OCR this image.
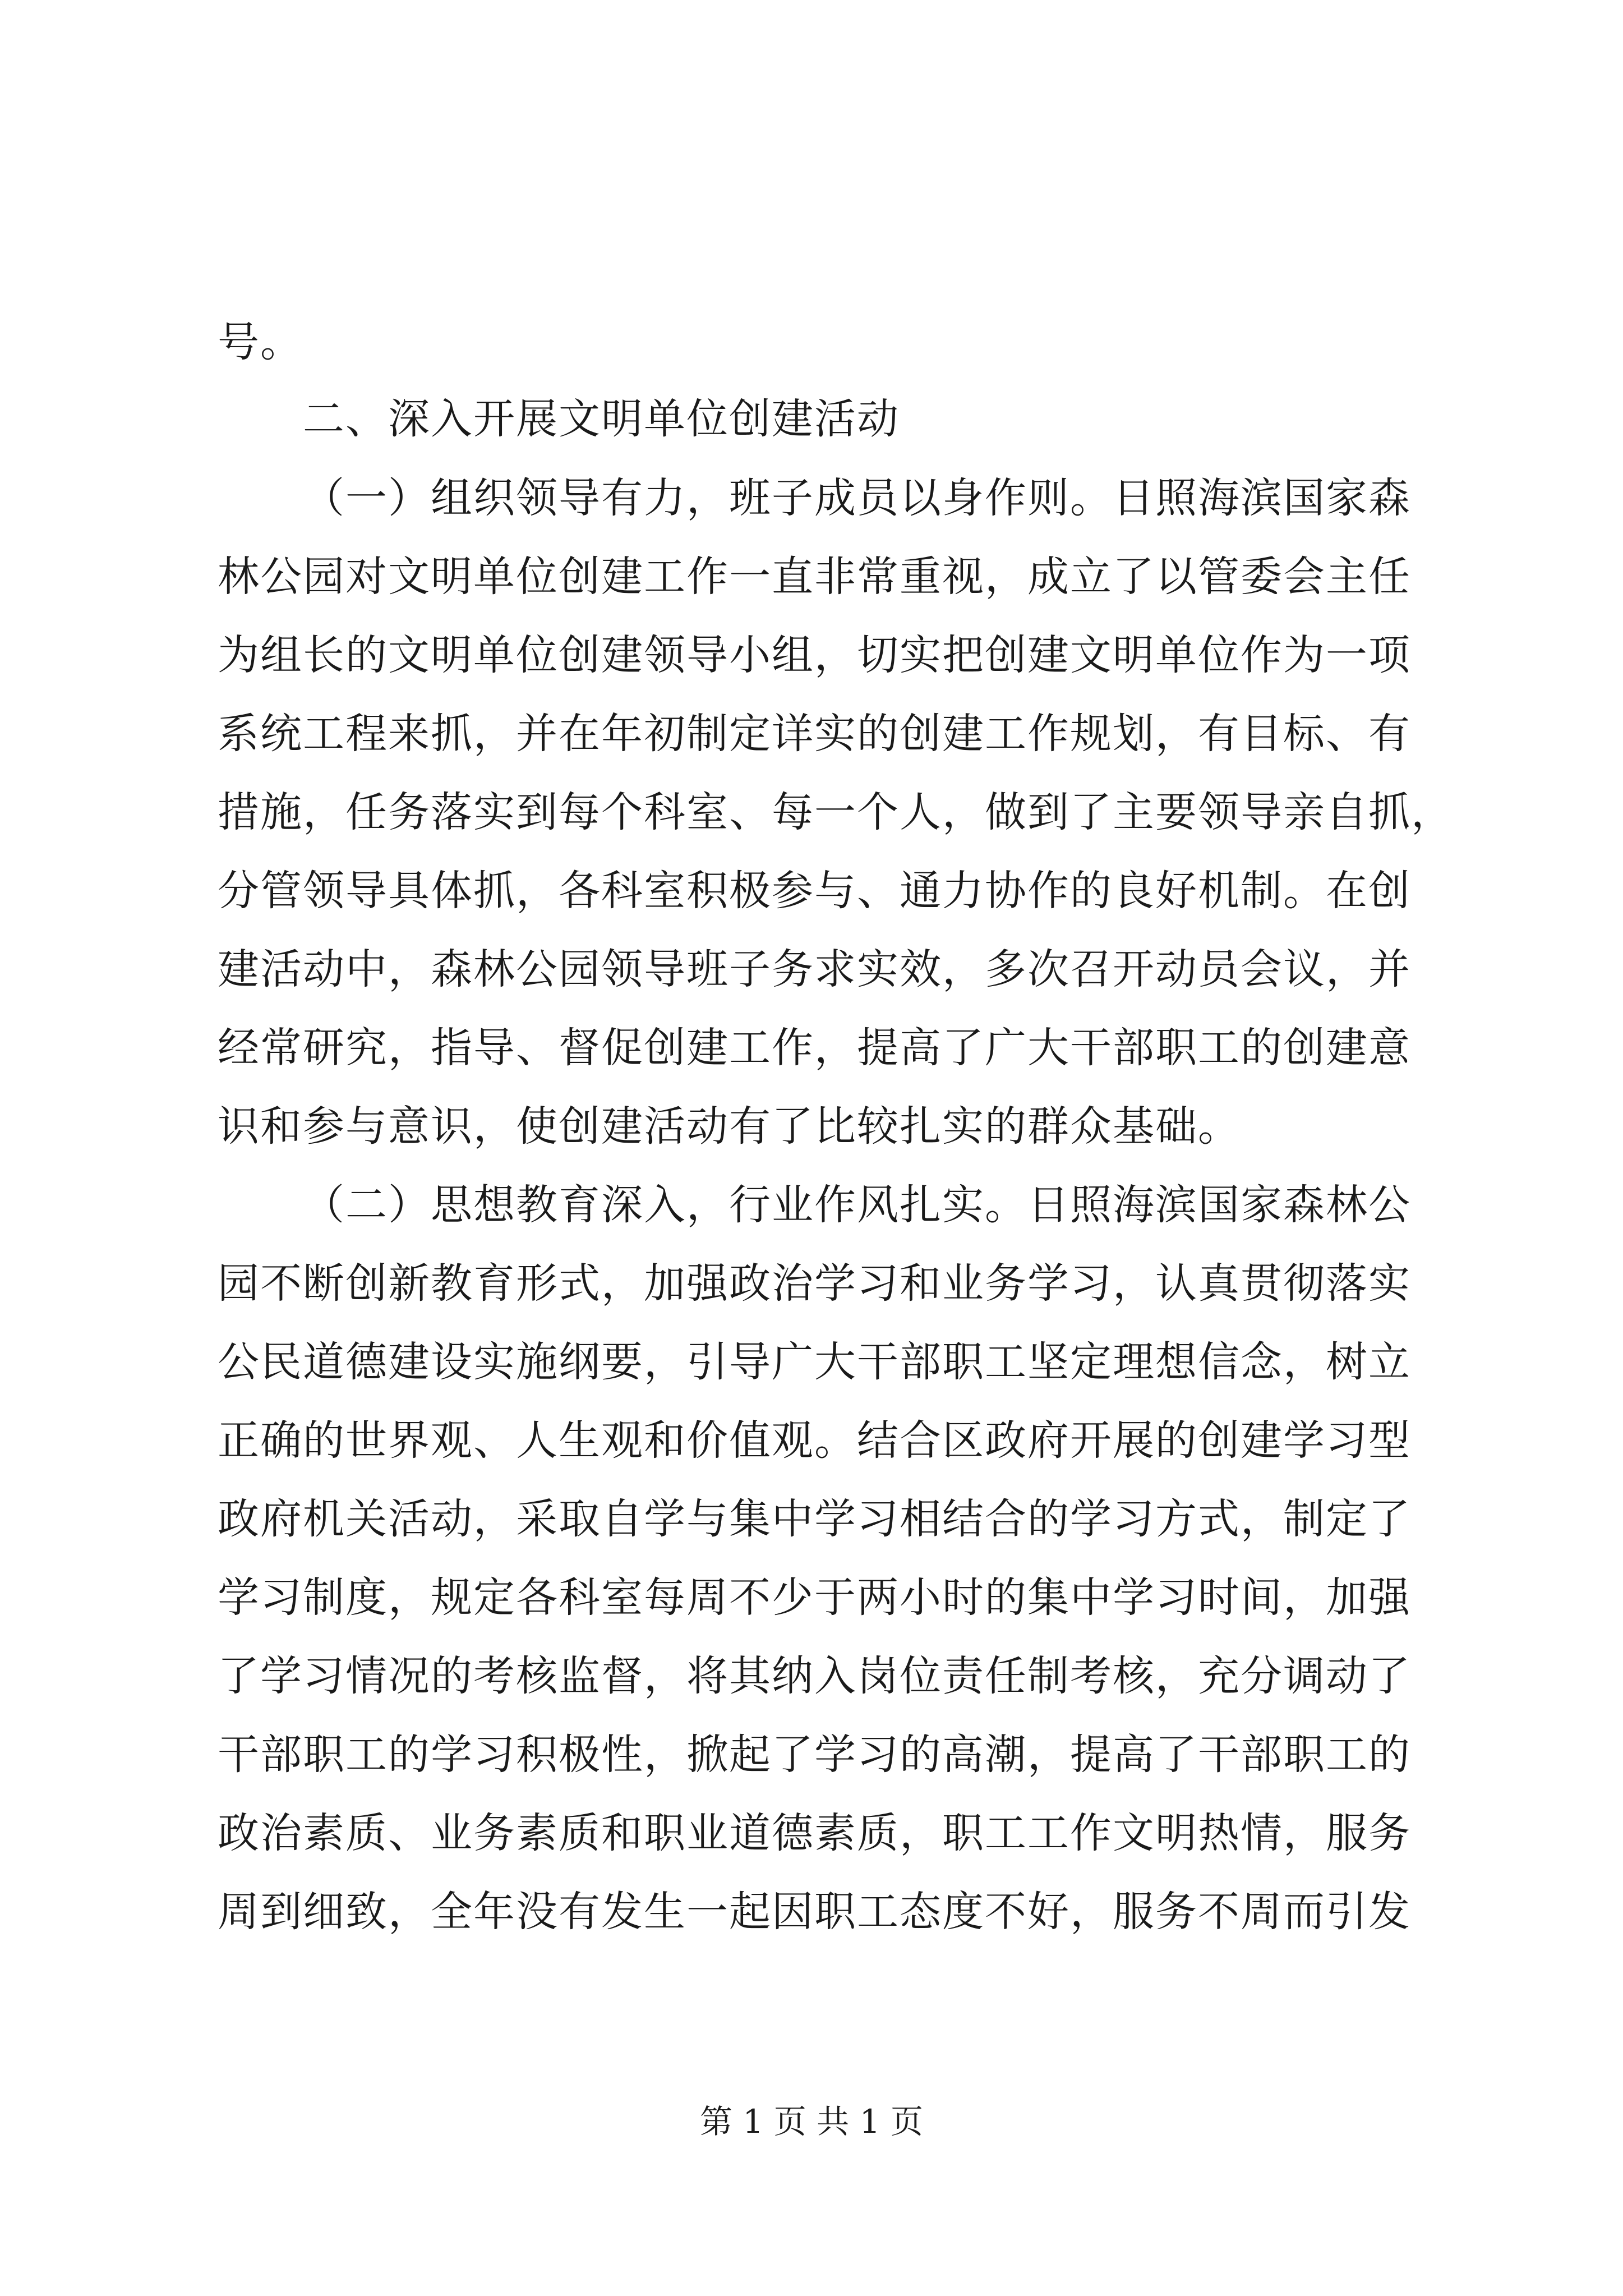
号。
二、深入开展文明单位创建活动
（一）组织领导有力，班子成员以身作则。日照海滨国家森
林公园对文明单位创建工作一直非常重视，成立了以管委会主任
为组长的文明单位创建领导小组，切实把创建文明单位作为一项
系统工程来抓，并在年初制定详实的创建工作规划，有目标、有
措施，任务落实到每个科室、每一个人，做到了主要领导亲自抓，
分管领导具体抓，各科室积极参与、通力协作的良好机制。在创
建活动中，森林公园领导班子务求实效，多次召开动员会议，并
经常研究，指导、督促创建工作，提高了广大干部职工的创建意
识和参与意识，使创建活动有了比较扎实的群众基础。
（二）思想教育深入，行业作风扎实。日照海滨国家森林公
园不断创新教育形式，加强政治学习和业务学习，认真贯彻落实
公民道德建设实施纲要，引导广大干部职工坚定理想信念，树立
正确的世界观、人生观和价值观。结合区政府开展的创建学习型
政府机关活动，采取自学与集中学习相结合的学习方式，制定了
学习制度，规定各科室每周不少于两小时的集中学习时间，加强
了学习情况的考核监督，将其纳入岗位责任制考核，充分调动了
干部职工的学习积极性，掀起了学习的高潮，提高了干部职工的
政治素质、业务素质和职业道德素质，职工工作文明热情，服务
周到细致，全年没有发生一起因职工态度不好，服务不周而引发
第 1 页 共 1 页
